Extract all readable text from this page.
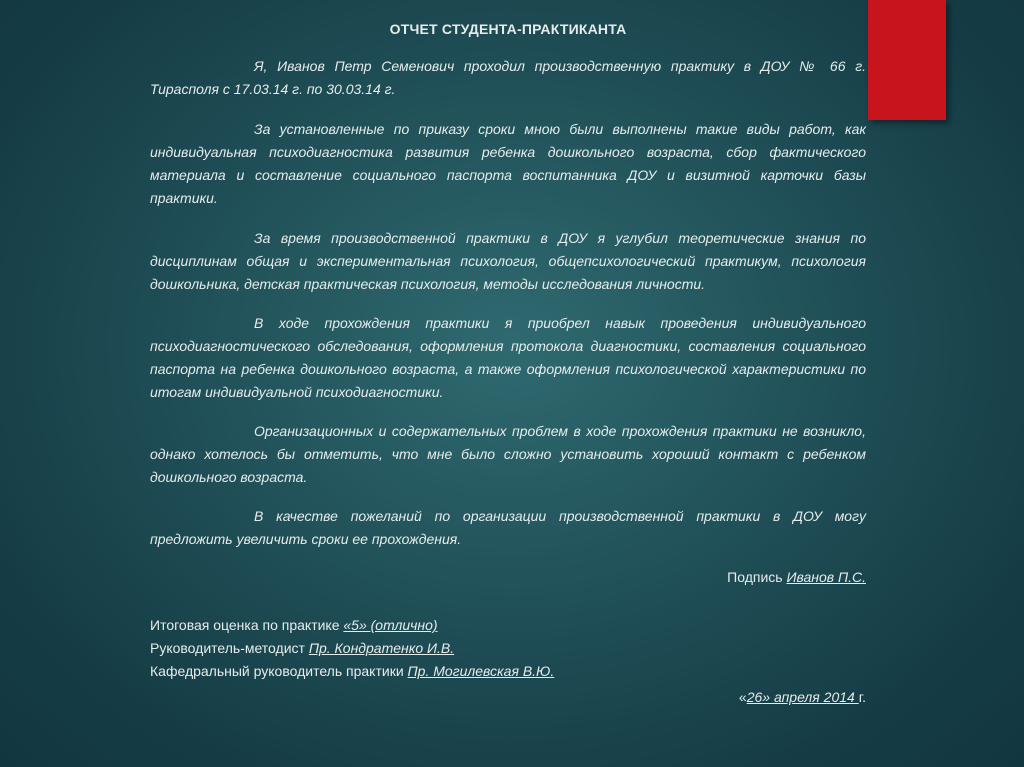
ОТЧЕТ СТУДЕНТА-ПРАКТИКАНТА
Я, Иванов Петр Семенович проходил производственную практику в ДОУ № 66 г. Тирасполя с 17.03.14 г. по 30.03.14 г.
За установленные по приказу сроки мною были выполнены такие виды работ, как индивидуальная психодиагностика развития ребенка дошкольного возраста, сбор фактического материала и составление социального паспорта воспитанника ДОУ и визитной карточки базы практики.
За время производственной практики в ДОУ я углубил теоретические знания по дисциплинам общая и экспериментальная психология, общепсихологический практикум, психология дошкольника, детская практическая психология, методы исследования личности.
В ходе прохождения практики я приобрел навык проведения индивидуального психодиагностического обследования, оформления протокола диагностики, составления социального паспорта на ребенка дошкольного возраста, а также оформления психологической характеристики по итогам индивидуальной психодиагностики.
Организационных и содержательных проблем в ходе прохождения практики не возникло, однако хотелось бы отметить, что мне было сложно установить хороший контакт с ребенком дошкольного возраста.
В качестве пожеланий по организации производственной практики в ДОУ могу предложить увеличить сроки ее прохождения.
Подпись Иванов П.С.
Итоговая оценка по практике «5» (отлично)
Руководитель-методист Пр. Кондратенко И.В.
Кафедральный руководитель практики Пр. Могилевская В.Ю.
«26» апреля 2014 г.
